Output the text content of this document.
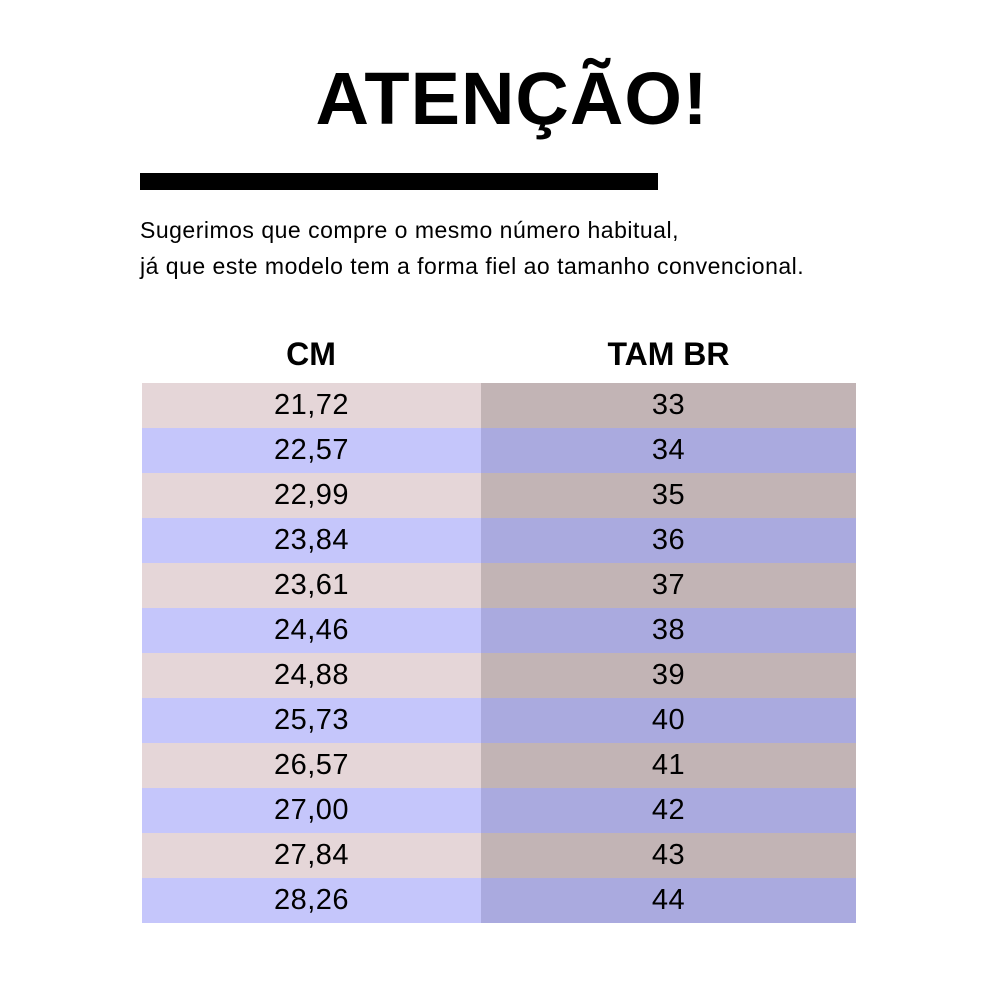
ATENÇÃO!
Sugerimos que compre o mesmo número habitual,
já que este modelo tem a forma fiel ao tamanho convencional.
CM	TAM BR
21,72	33
22,57	34
22,99	35
23,84	36
23,61	37
24,46	38
24,88	39
25,73	40
26,57	41
27,00	42
27,84	43
28,26	44
